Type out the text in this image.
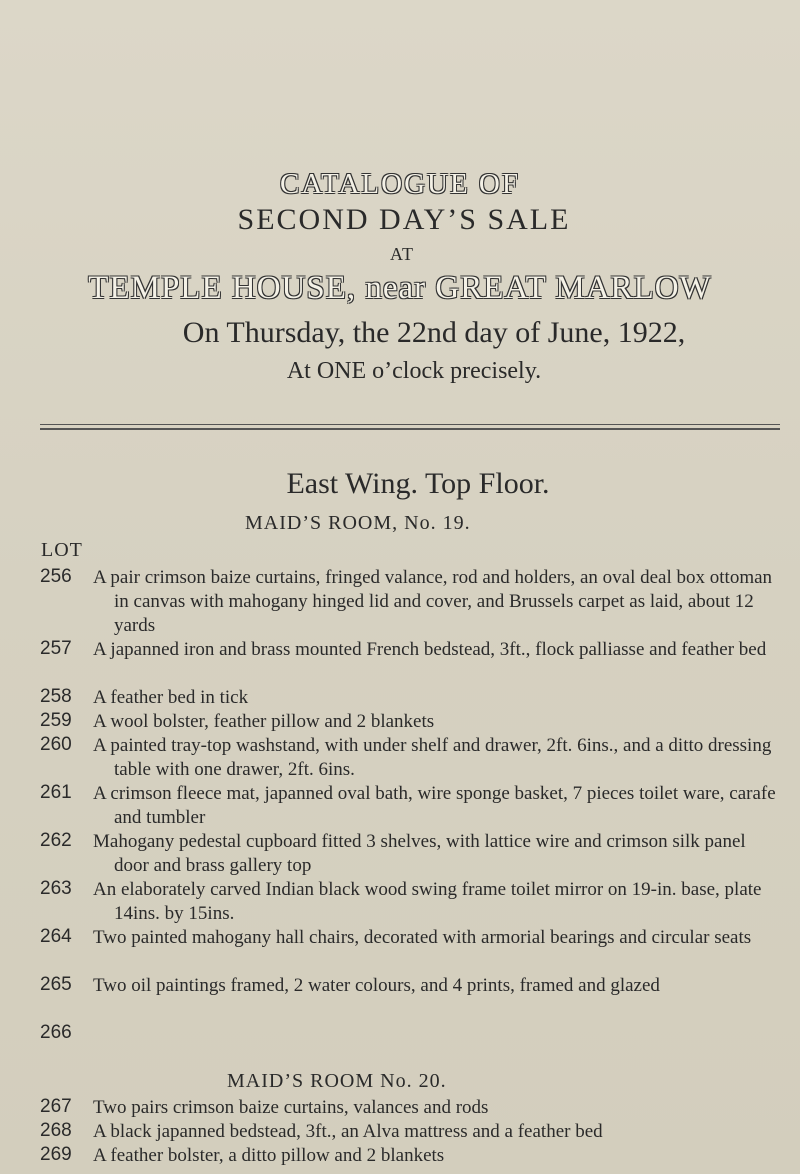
CATALOGUE OF
SECOND DAY’S SALE
AT
TEMPLE HOUSE, near GREAT MARLOW
On Thursday, the 22nd day of June, 1922,
At ONE o’clock precisely.
East Wing. Top Floor.
MAID’S ROOM, No. 19.
LOT
256 A pair crimson baize curtains, fringed valance, rod and holders, an oval deal box ottoman in canvas with mahogany hinged lid and cover, and Brussels carpet as laid, about 12 yards
257 A japanned iron and brass mounted French bedstead, 3ft., flock palliasse and feather bed
258 A feather bed in tick
259 A wool bolster, feather pillow and 2 blankets
260 A painted tray-top washstand, with under shelf and drawer, 2ft. 6ins., and a ditto dressing table with one drawer, 2ft. 6ins.
261 A crimson fleece mat, japanned oval bath, wire sponge basket, 7 pieces toilet ware, carafe and tumbler
262 Mahogany pedestal cupboard fitted 3 shelves, with lattice wire and crimson silk panel door and brass gallery top
263 An elaborately carved Indian black wood swing frame toilet mirror on 19-in. base, plate 14ins. by 15ins.
264 Two painted mahogany hall chairs, decorated with armorial bearings and circular seats
265 Two oil paintings framed, 2 water colours, and 4 prints, framed and glazed
266
MAID’S ROOM No. 20.
267 Two pairs crimson baize curtains, valances and rods
268 A black japanned bedstead, 3ft., an Alva mattress and a feather bed
269 A feather bolster, a ditto pillow and 2 blankets
